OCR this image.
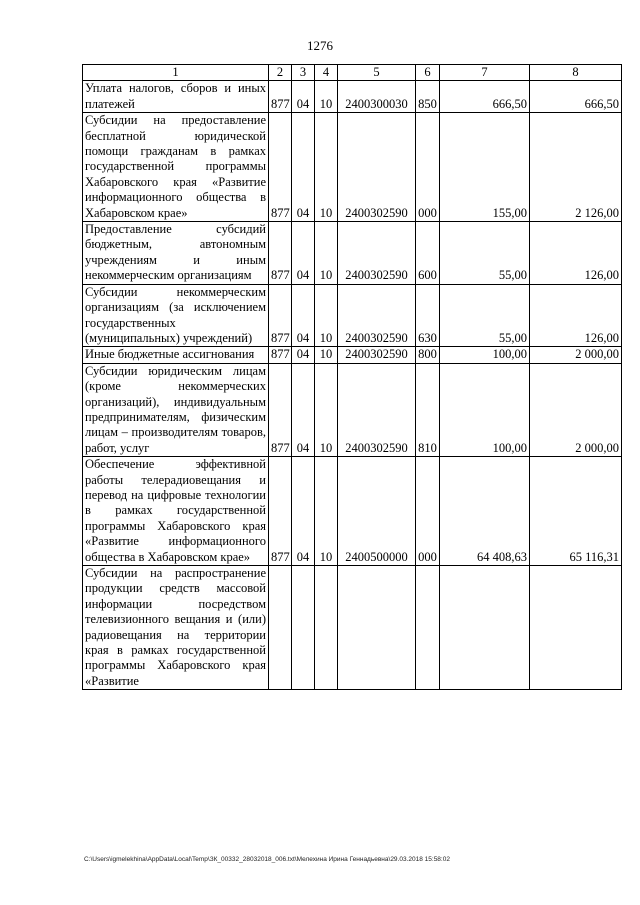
1276
1	2	3	4	5	6	7	8
Уплата налогов, сборов и иных платежей	877	04	10	2400300030	850	666,50	666,50
Субсидии на предоставление бесплатной юридической помощи гражданам в рамках государственной программы Хабаровского края «Развитие информационного общества в Хабаровском крае»	877	04	10	2400302590	000	155,00	2 126,00
Предоставление субсидий бюджетным, автономным учреждениям и иным некоммерческим организациям	877	04	10	2400302590	600	55,00	126,00
Субсидии некоммерческим организациям (за исключением государственных (муниципальных) учреждений)	877	04	10	2400302590	630	55,00	126,00
Иные бюджетные ассигнования	877	04	10	2400302590	800	100,00	2 000,00
Субсидии юридическим лицам (кроме некоммерческих организаций), индивидуальным предпринимателям, физическим лицам – производителям товаров, работ, услуг	877	04	10	2400302590	810	100,00	2 000,00
Обеспечение эффективной работы телерадиовещания и перевод на цифровые технологии в рамках государственной программы Хабаровского края «Развитие информационного общества в Хабаровском крае»	877	04	10	2400500000	000	64 408,63	65 116,31
Субсидии на распространение продукции средств массовой информации посредством телевизионного вещания и (или) радиовещания на территории края в рамках государственной программы Хабаровского края «Развитие							
C:\Users\igmelekhina\AppData\Local\Temp\ЗК_00332_28032018_006.txt\Мелехина Ирина Геннадьевна\29.03.2018 15:58:02
